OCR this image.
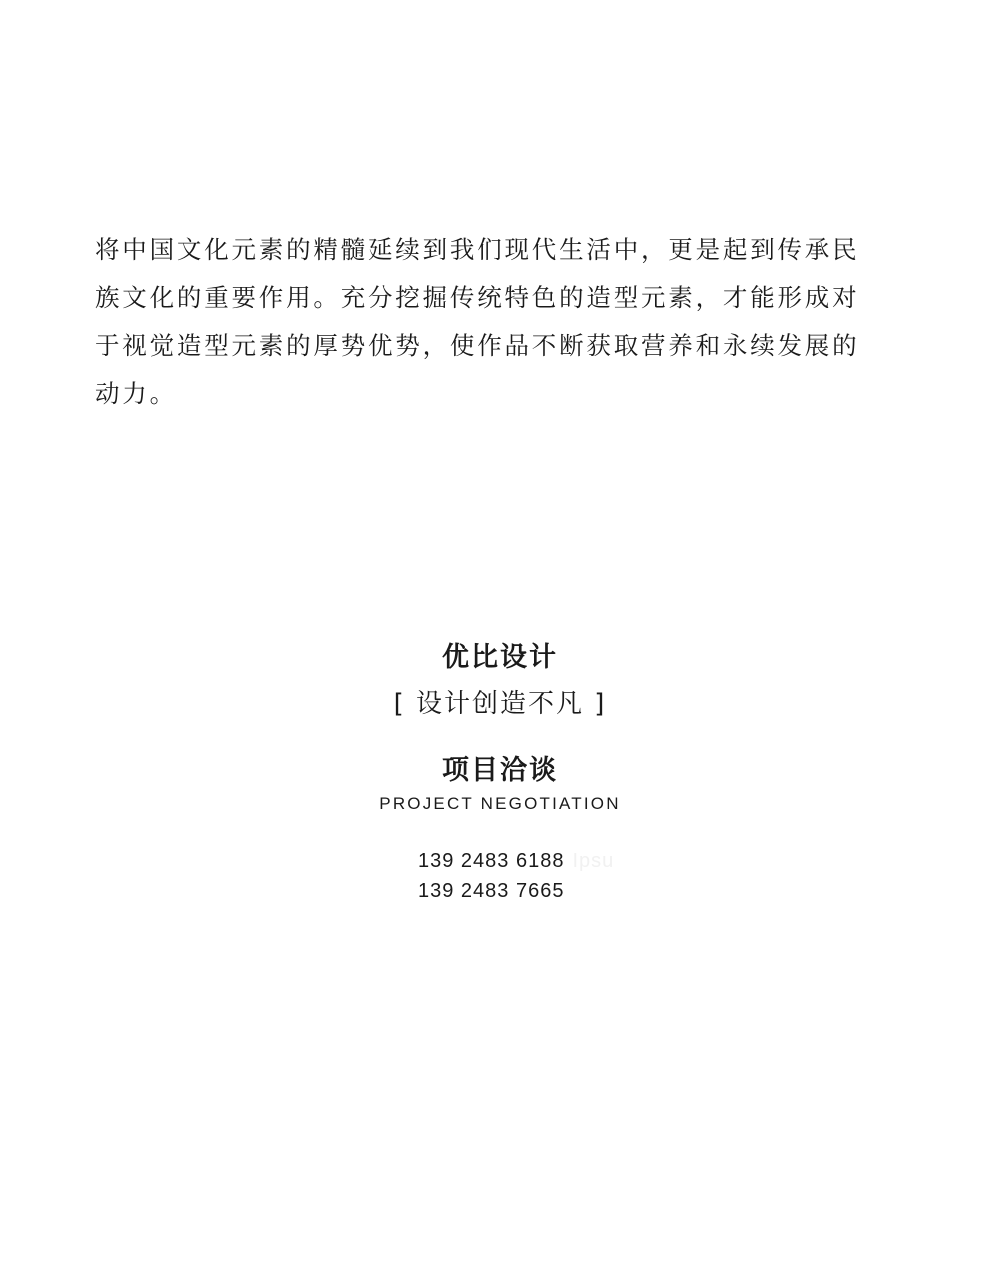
将中国文化元素的精髓延续到我们现代生活中，更是起到传承民族文化的重要作用。充分挖掘传统特色的造型元素，才能形成对于视觉造型元素的厚势优势，使作品不断获取营养和永续发展的动力。

优比设计
[ 设计创造不凡 ]
项目洽谈
PROJECT NEGOTIATION
139 2483 6188 Ipsu
139 2483 7665
